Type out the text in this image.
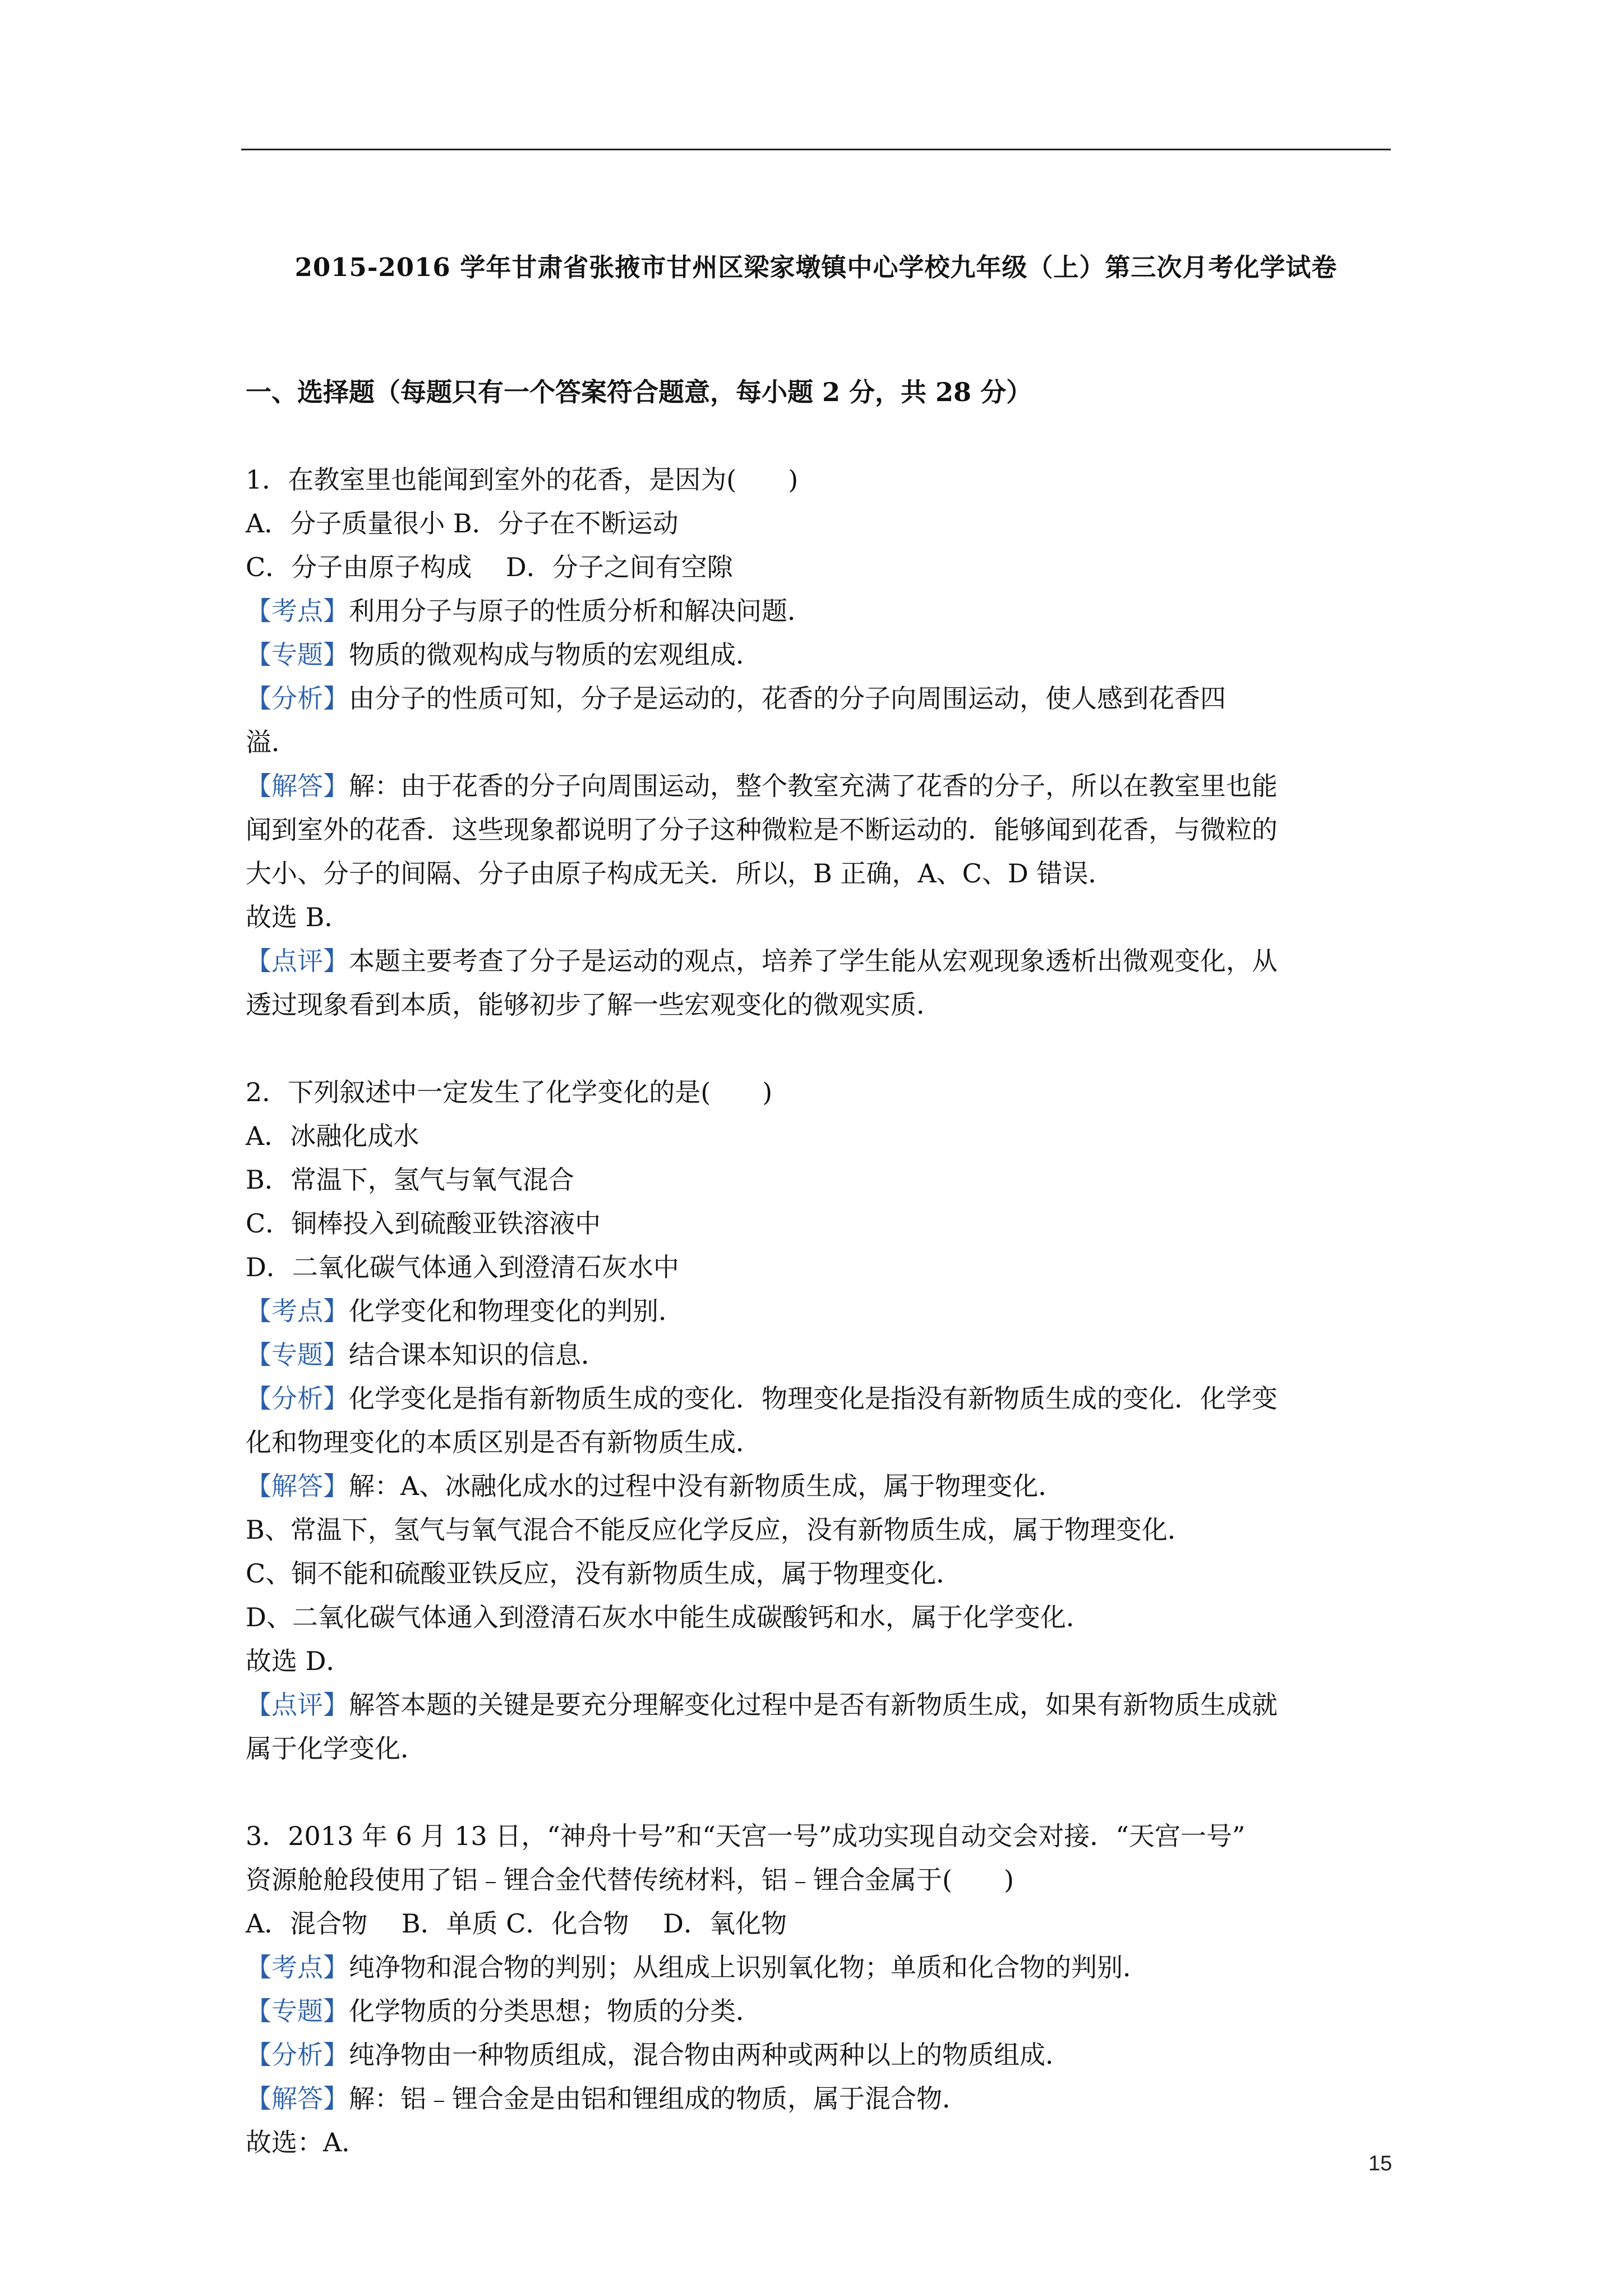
2015-2016 学年甘肃省张掖市甘州区梁家墩镇中心学校九年级（上）第三次月考化学试卷
一、选择题（每题只有一个答案符合题意，每小题 2 分，共 28 分）
1．在教室里也能闻到室外的花香，是因为(　　)
A．分子质量很小 B．分子在不断运动
C．分子由原子构成　 D．分子之间有空隙
【考点】利用分子与原子的性质分析和解决问题．
【专题】物质的微观构成与物质的宏观组成．
【分析】由分子的性质可知，分子是运动的，花香的分子向周围运动，使人感到花香四
溢．
【解答】解：由于花香的分子向周围运动，整个教室充满了花香的分子，所以在教室里也能
闻到室外的花香．这些现象都说明了分子这种微粒是不断运动的．能够闻到花香，与微粒的
大小、分子的间隔、分子由原子构成无关．所以，B 正确，A、C、D 错误．
故选 B．
【点评】本题主要考查了分子是运动的观点，培养了学生能从宏观现象透析出微观变化，从
透过现象看到本质，能够初步了解一些宏观变化的微观实质．
2．下列叙述中一定发生了化学变化的是(　　)
A．冰融化成水
B．常温下，氢气与氧气混合
C．铜棒投入到硫酸亚铁溶液中
D．二氧化碳气体通入到澄清石灰水中
【考点】化学变化和物理变化的判别．
【专题】结合课本知识的信息．
【分析】化学变化是指有新物质生成的变化．物理变化是指没有新物质生成的变化．化学变
化和物理变化的本质区别是否有新物质生成．
【解答】解：A、冰融化成水的过程中没有新物质生成，属于物理变化．
B、常温下，氢气与氧气混合不能反应化学反应，没有新物质生成，属于物理变化．
C、铜不能和硫酸亚铁反应，没有新物质生成，属于物理变化．
D、二氧化碳气体通入到澄清石灰水中能生成碳酸钙和水，属于化学变化．
故选 D．
【点评】解答本题的关键是要充分理解变化过程中是否有新物质生成，如果有新物质生成就
属于化学变化．
3．2013 年 6 月 13 日，“神舟十号”和“天宫一号”成功实现自动交会对接．“天宫一号”
资源舱舱段使用了铝﹣锂合金代替传统材料，铝﹣锂合金属于(　　)
A．混合物　 B．单质 C．化合物　 D．氧化物
【考点】纯净物和混合物的判别；从组成上识别氧化物；单质和化合物的判别．
【专题】化学物质的分类思想；物质的分类．
【分析】纯净物由一种物质组成，混合物由两种或两种以上的物质组成．
【解答】解：铝﹣锂合金是由铝和锂组成的物质，属于混合物．
故选：A．
15
